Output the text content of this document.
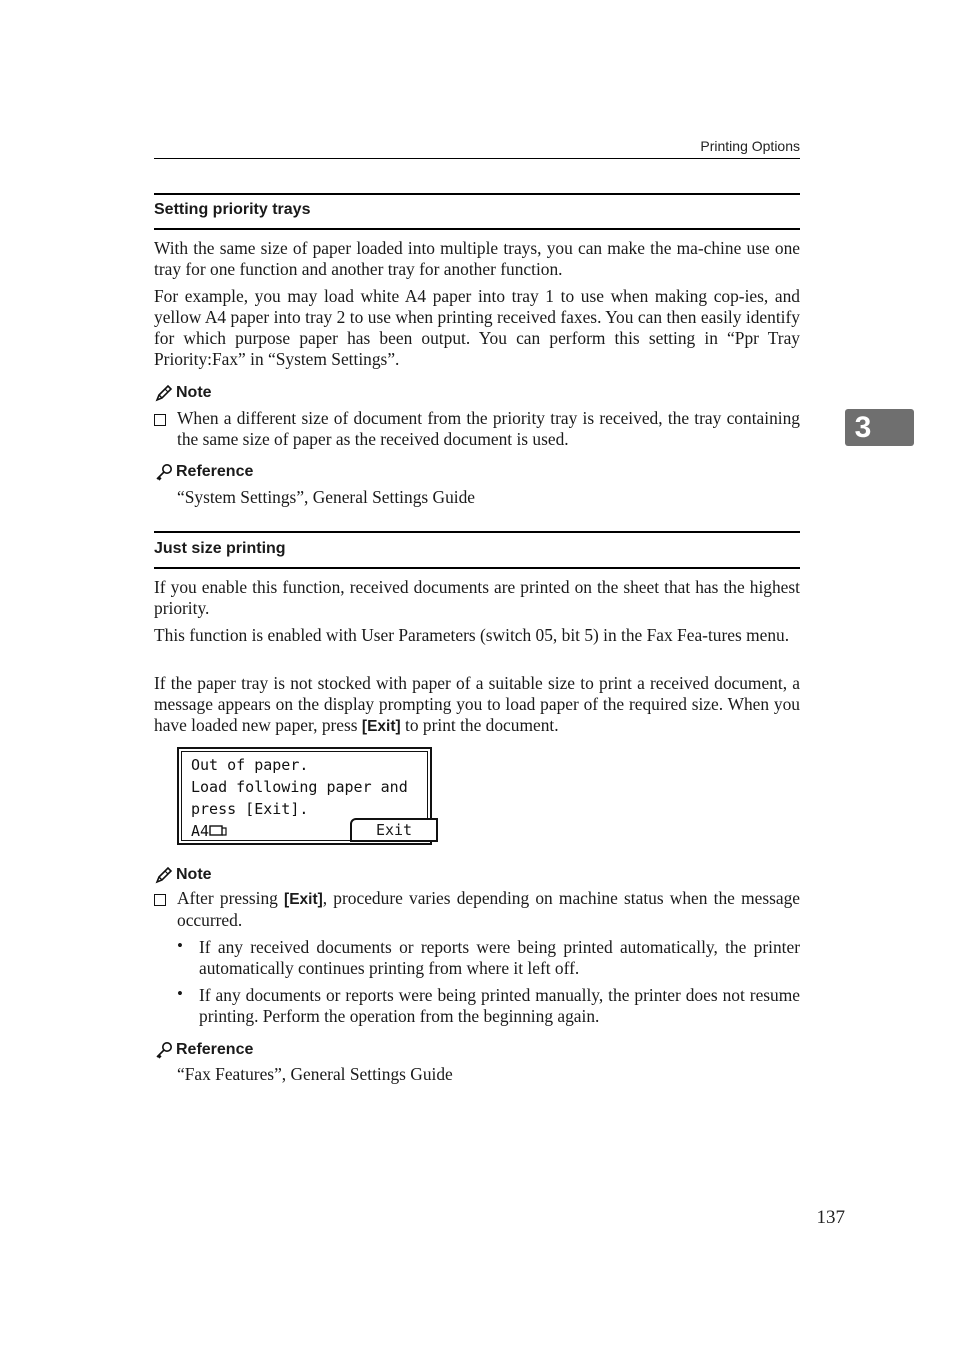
Printing Options
3
Setting priority trays

With the same size of paper loaded into multiple trays, you can make the ma-chine use one tray for one function and another tray for another function.

For example, you may load white A4 paper into tray 1 to use when making cop-ies, and yellow A4 paper into tray 2 to use when printing received faxes. You can then easily identify for which purpose paper has been output. You can perform this setting in “Ppr Tray Priority:Fax” in “System Settings”.

Note

When a different size of document from the priority tray is received, the tray containing the same size of paper as the received document is used.

Reference
“System Settings”, General Settings Guide
Just size printing

If you enable this function, received documents are printed on the sheet that has the highest priority.

This function is enabled with User Parameters (switch 05, bit 5) in the Fax Fea-tures menu.

If the paper tray is not stocked with paper of a suitable size to print a received document, a message appears on the display prompting you to load paper of the required size. When you have loaded new paper, press [Exit] to print the document.

Out of paper.
Load following paper and
press [Exit].
A4	Exit
Note

After pressing [Exit], procedure varies depending on machine status when the message occurred.

• If any received documents or reports were being printed automatically, the printer automatically continues printing from where it left off.

• If any documents or reports were being printed manually, the printer does not resume printing. Perform the operation from the beginning again.

Reference
“Fax Features”, General Settings Guide
137
